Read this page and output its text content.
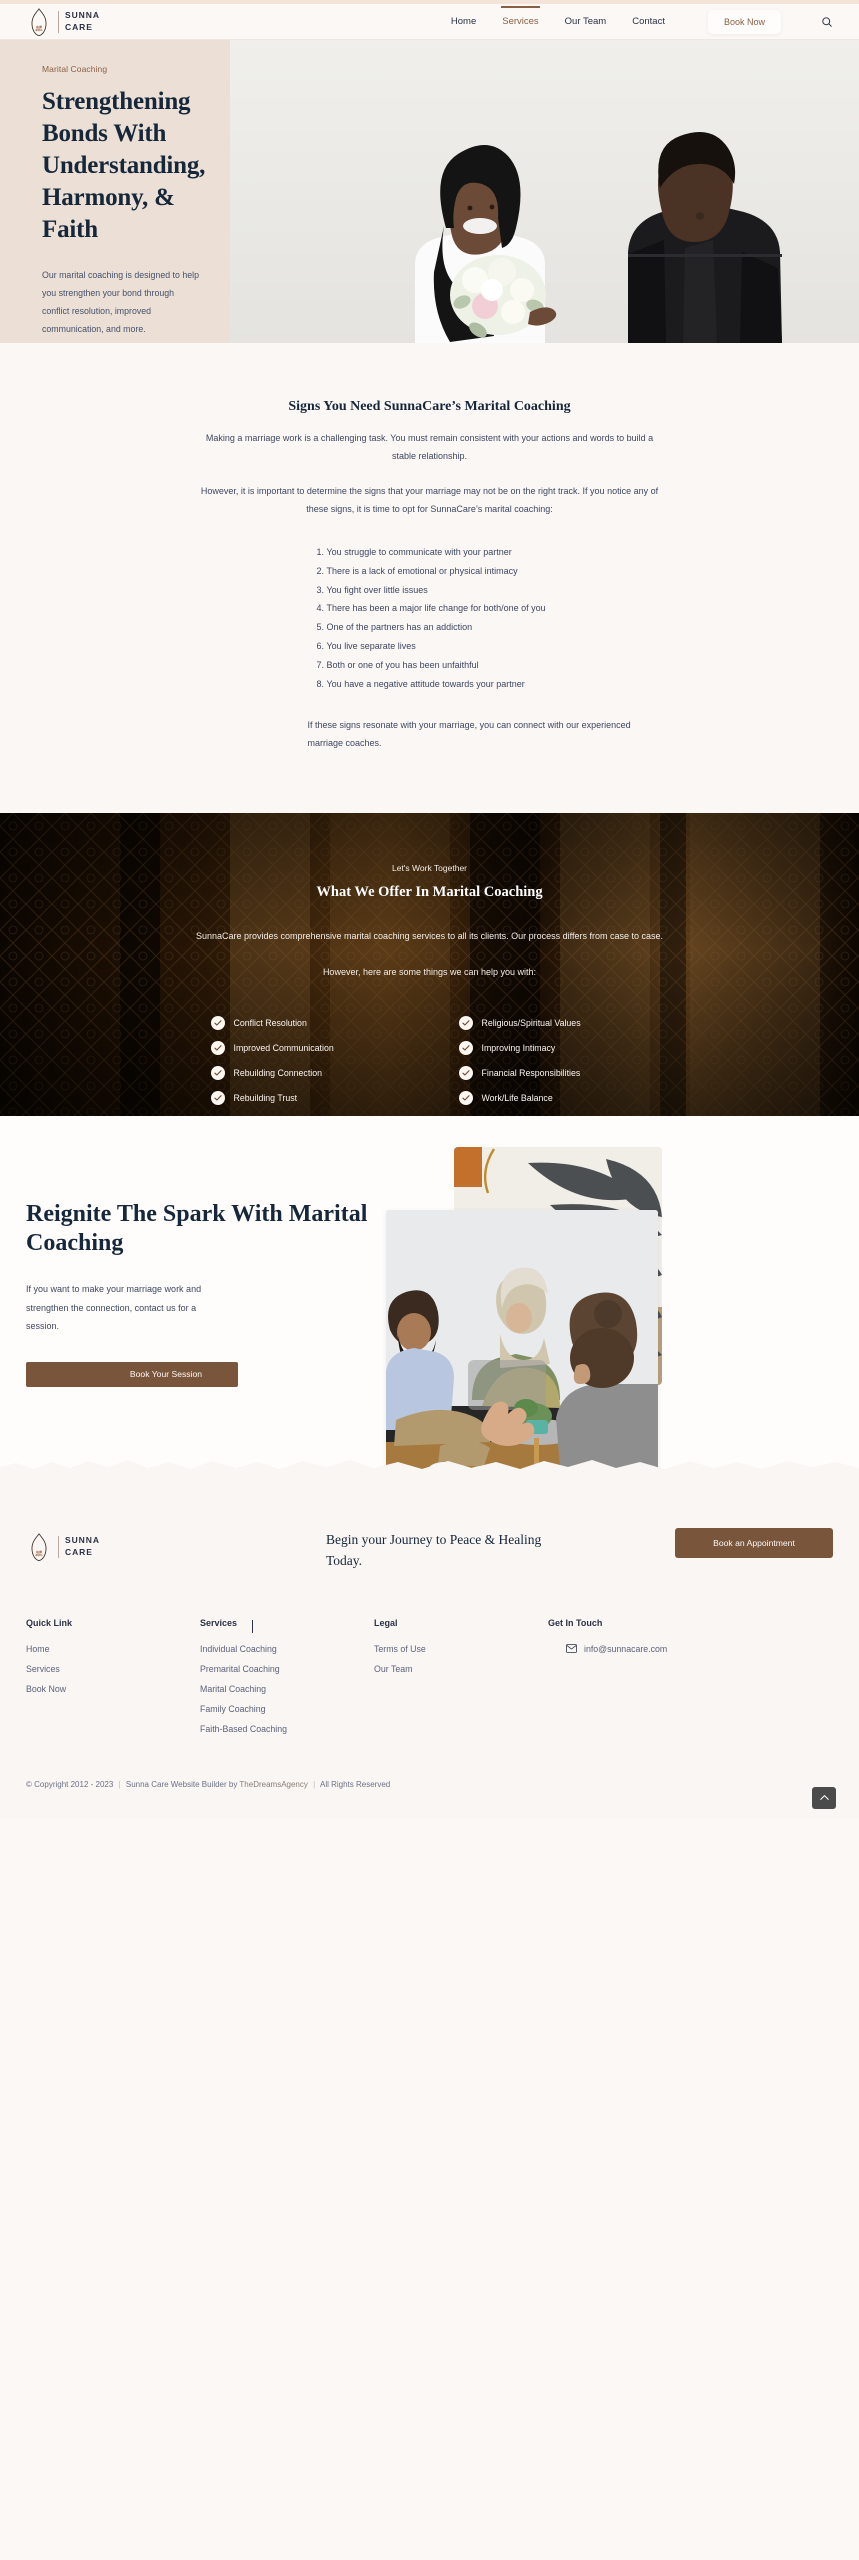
SUNNA
CARE	Home	Services	Our Team	Contact	Book Now
Marital Coaching
Strengthening Bonds With Understanding, Harmony, & Faith

Our marital coaching is designed to help you strengthen your bond through conflict resolution, improved communication, and more.

Signs You Need SunnaCare’s Marital Coaching

Making a marriage work is a challenging task. You must remain consistent with your actions and words to build a stable relationship.

However, it is important to determine the signs that your marriage may not be on the right track. If you notice any of these signs, it is time to opt for SunnaCare’s marital coaching:

1. You struggle to communicate with your partner
2. There is a lack of emotional or physical intimacy
3. You fight over little issues
4. There has been a major life change for both/one of you
5. One of the partners has an addiction
6. You live separate lives
7. Both or one of you has been unfaithful
8. You have a negative attitude towards your partner

If these signs resonate with your marriage, you can connect with our experienced marriage coaches.

Let's Work Together
What We Offer In Marital Coaching

SunnaCare provides comprehensive marital coaching services to all its clients. Our process differs from case to case.

However, here are some things we can help you with:

Conflict Resolution
Improved Communication
Rebuilding Connection
Rebuilding Trust
Religious/Spiritual Values
Improving Intimacy
Financial Responsibilities
Work/Life Balance
Reignite The Spark With Marital Coaching

If you want to make your marriage work and strengthen the connection, contact us for a session.

Book Your Session
SUNNA
CARE
Begin your Journey to Peace & Healing Today.
Book an Appointment
Quick Link
Home
Services
Book Now
Services
Individual Coaching
Premarital Coaching
Marital Coaching
Family Coaching
Faith-Based Coaching
Legal
Terms of Use
Our Team
Get In Touch
info@sunnacare.com
© Copyright 2012 - 2023 | Sunna Care Website Builder by TheDreamsAgency | All Rights Reserved
